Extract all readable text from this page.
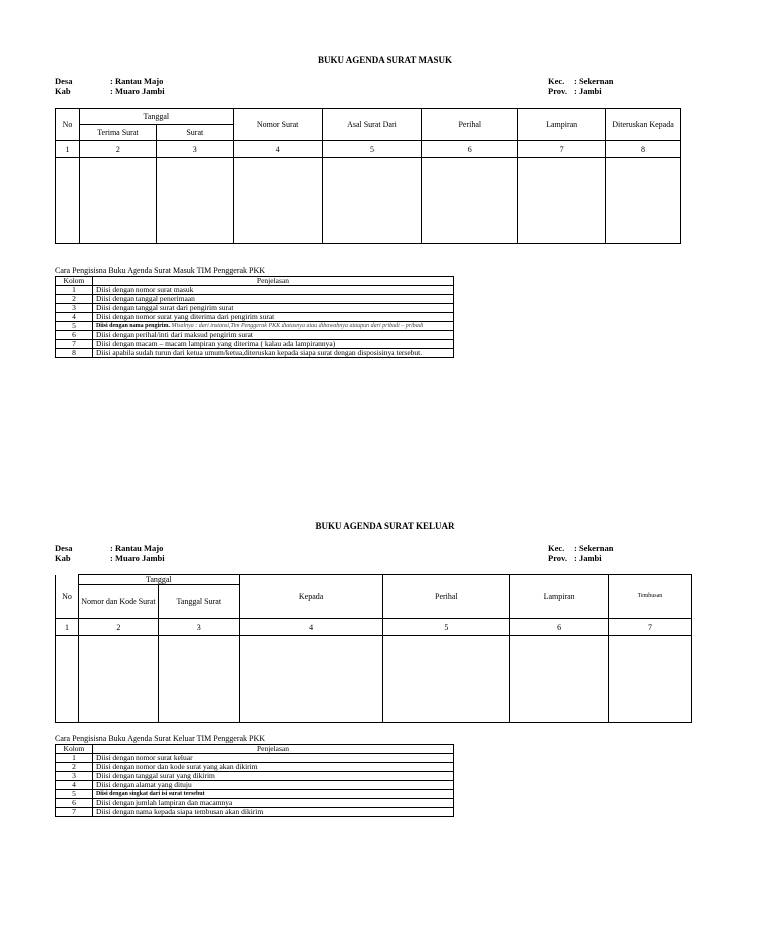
BUKU AGENDA SURAT MASUK
Desa	: Rantau Majo
Kab	: Muaro Jambi
Kec. : Sekernan
Prov. : Jambi
No	Tanggal		Nomor Surat	Asal Surat Dari	Perihal	Lampiran	Diteruskan Kepada
	Terima Surat	Surat					
1	2	3	4	5	6	7	8

Cara Pengisisna Buku Agenda Surat Masuk TIM Penggerak PKK
Kolom	Penjelasan
1	Diisi dengan nomor surat masuk
2	Diisi dengan tanggal penerimaan
3	Diisi dengan tanggal surat dari pengirim surat
4	Diisi dengan nomor surat yang diterima dari pengirim surat
5	Diisi dengan nama pengirim. Misalnya : dari instansi,Tim Penggerak PKK diatasnya atau dibawahnya ataupun dari pribadi – pribadi
6	Diisi dengan perihal/inti dari maksud pengirim surat
7	Diisi dengan macam – macam lampiran yang diterima ( kalau ada lampirannya)
8	Diisi apabila sudah turun dari ketua umum/ketua,diteruskan kepada siapa surat dengan disposisinya tersebut.
BUKU AGENDA SURAT KELUAR
Desa	: Rantau Majo
Kab	: Muaro Jambi
Kec. : Sekernan
Prov. : Jambi
No	Tanggal		Kepada	Perihal	Lampiran	Tembusan
	Nomor dan Kode Surat	Tanggal Surat				
1	2	3	4	5	6	7

Cara Pengisisna Buku Agenda Surat Keluar TIM Penggerak PKK
Kolom	Penjelasan
1	Diisi dengan nomor surat keluar
2	Diisi dengan nomor dan kode surat yang akan dikirim
3	Diisi dengan tanggal surat yang dikirim
4	Diisi dengan alamat yang dituju
5	Diisi dengan singkat dari isi surat tersebut
6	Diisi dengan jumlah lampiran dan macamnya
7	Diisi dengan nama kepada siapa tembusan akan dikirim
